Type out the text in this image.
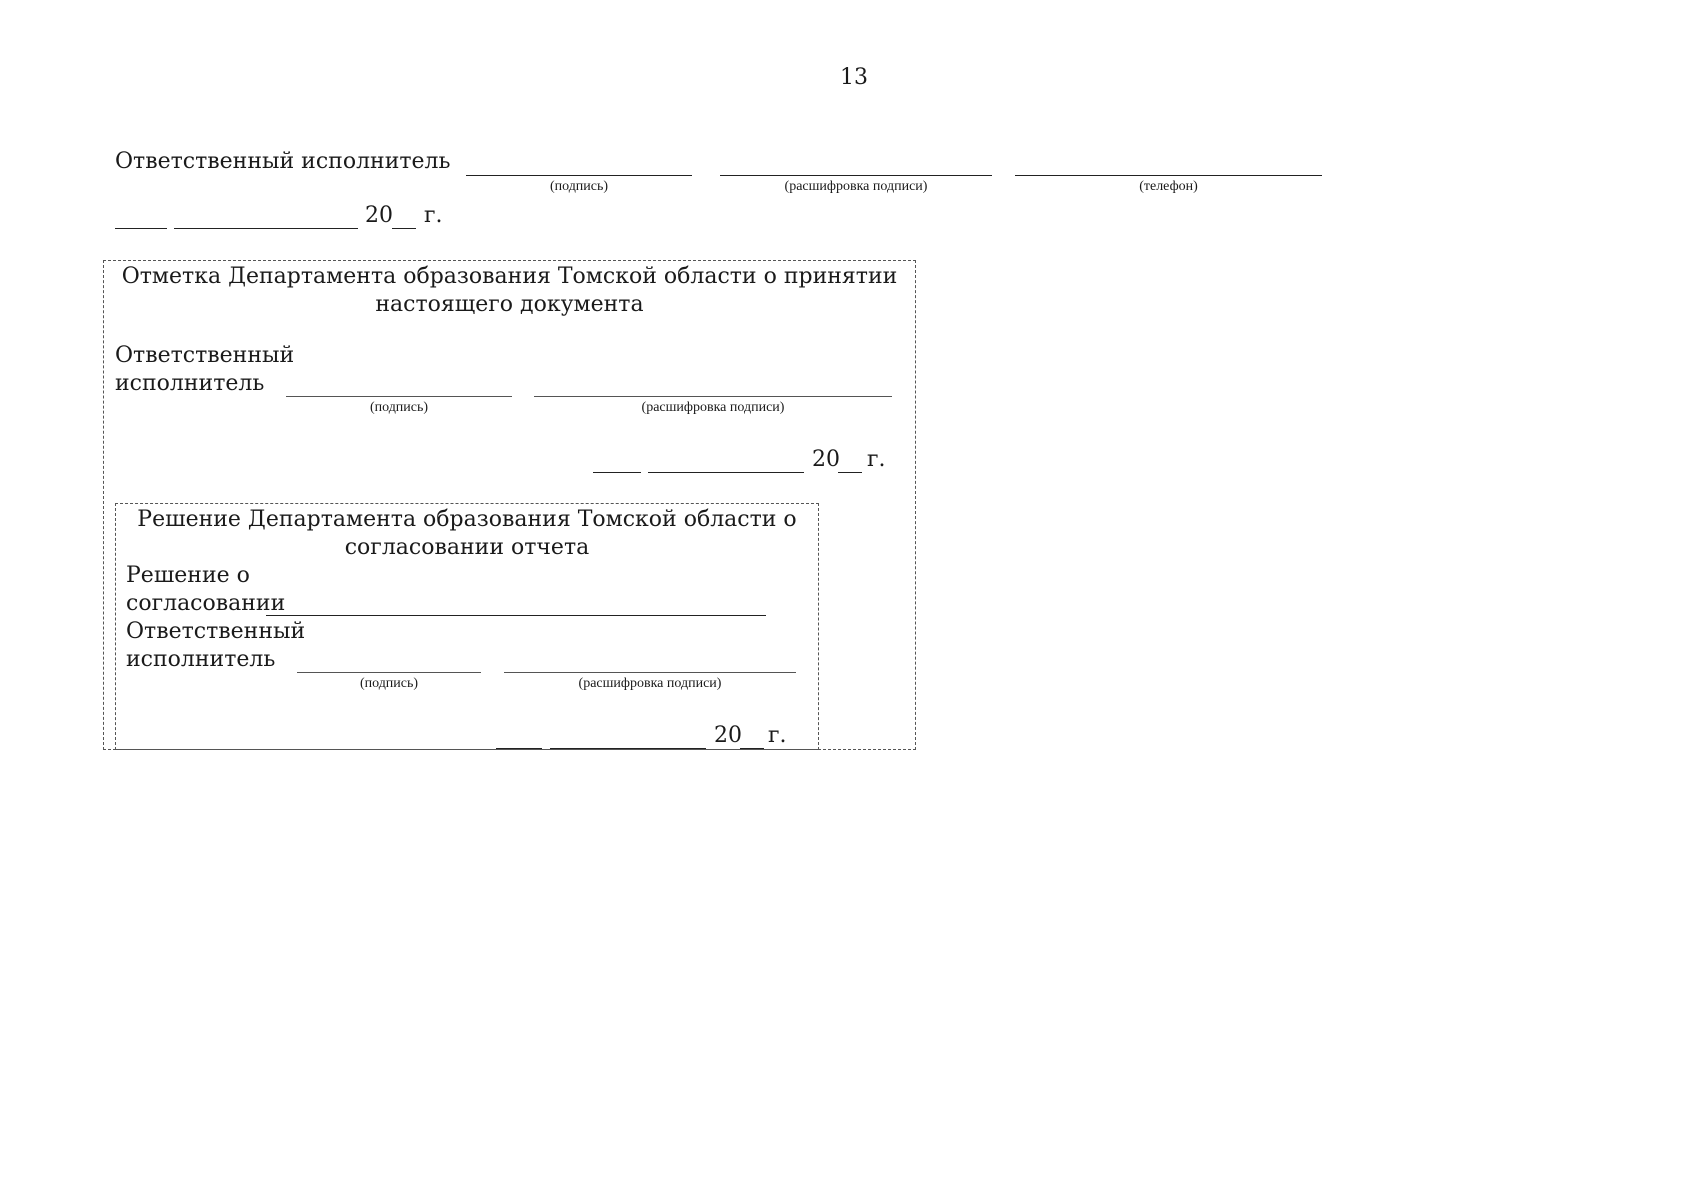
13
Ответственный исполнитель
(подпись)	(расшифровка подписи)	(телефон)
20 г.
Отметка Департамента образования Томской области о принятии
настоящего документа
Ответственный
исполнитель
(подпись)	(расшифровка подписи)
20 г.
Решение Департамента образования Томской области о
согласовании отчета
Решение о
согласовании
Ответственный
исполнитель
(подпись)	(расшифровка подписи)
20 г.
